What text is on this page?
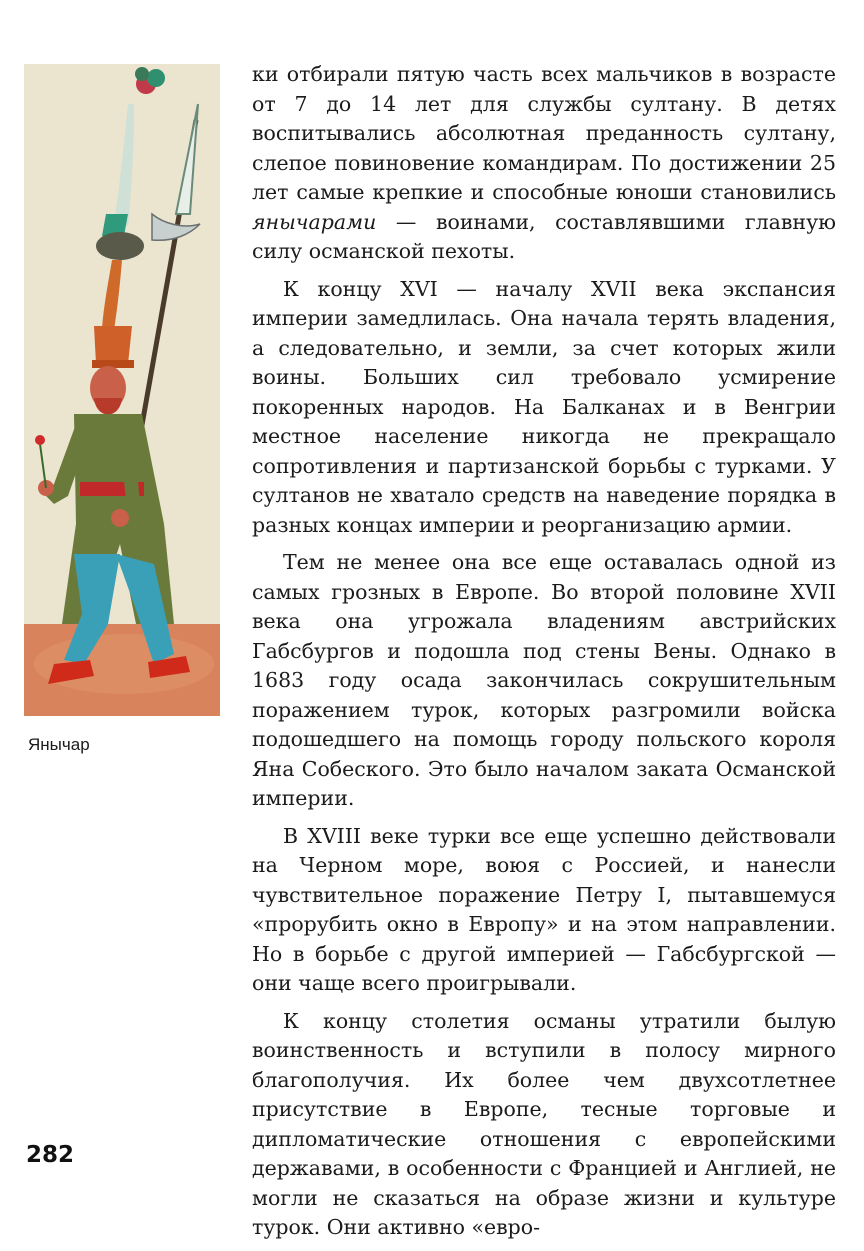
Янычар

ки отбирали пятую часть всех мальчиков в возрасте от 7 до 14 лет для службы султану. В детях воспитывались абсолютная преданность султану, слепое повиновение командирам. По достижении 25 лет самые крепкие и способные юноши становились янычарами — воинами, составлявшими главную силу османской пехоты.

К концу XVI — началу XVII века экспансия империи замедлилась. Она начала терять владения, а следовательно, и земли, за счет которых жили воины. Больших сил требовало усмирение покоренных народов. На Балканах и в Венгрии местное население никогда не прекращало сопротивления и партизанской борьбы с турками. У султанов не хватало средств на наведение порядка в разных концах империи и реорганизацию армии.

Тем не менее она все еще оставалась одной из самых грозных в Европе. Во второй половине XVII века она угрожала владениям австрийских Габсбургов и подошла под стены Вены. Однако в 1683 году осада закончилась сокрушительным поражением турок, которых разгромили войска подошедшего на помощь городу польского короля Яна Собеского. Это было началом заката Османской империи.

В XVIII веке турки все еще успешно действовали на Черном море, воюя с Россией, и нанесли чувствительное поражение Петру I, пытавшемуся «прорубить окно в Европу» и на этом направлении. Но в борьбе с другой империей — Габсбургской — они чаще всего проигрывали.

К концу столетия османы утратили былую воинственность и вступили в полосу мирного благополучия. Их более чем двухсотлетнее присутствие в Европе, тесные торговые и дипломатические отношения с европейскими державами, в особенности с Францией и Англией, не могли не сказаться на образе жизни и культуре турок. Они активно «евро-

282
